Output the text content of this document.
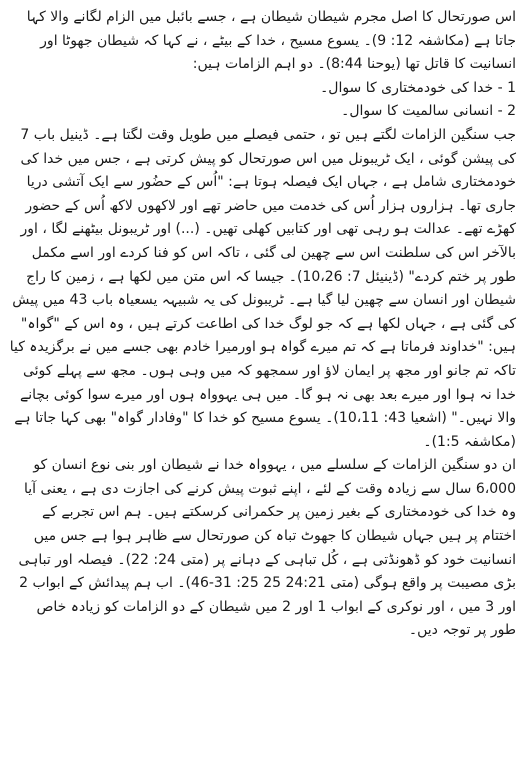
اس صورتحال کا اصل مجرم شیطان شیطان ہے ، جسے بائبل میں الزام لگانے والا کہا جاتا ہے (مکاشفہ 12: 9)۔ یسوع مسیح ، خدا کے بیٹے ، نے کہا کہ شیطان جھوٹا اور انسانیت کا قاتل تھا (یوحنا 8:44)۔ دو اہم الزامات ہیں:

1 - خدا کی خودمختاری کا سوال۔

2 - انسانی سالمیت کا سوال۔

جب سنگین الزامات لگتے ہیں تو ، حتمی فیصلے میں طویل وقت لگتا ہے۔ ڈینیل باب 7 کی پیشن گوئی ، ایک ٹریبونل میں اس صورتحال کو پیش کرتی ہے ، جس میں خدا کی خودمختاری شامل ہے ، جہاں ایک فیصلہ ہوتا ہے: "اُس کے حضُور سے ایک آتشی دریا جاری تھا۔ ہزاروں ہزار اُس کی خدمت میں حاضر تھے اور لاکھوں لاکھ اُس کے حضور کھڑے تھے۔ عدالت ہو رہی تھی اور کتابیں کھلی تھیں۔ (...) اور ٹریبونل بیٹھنے لگا ، اور بالآخر اس کی سلطنت اس سے چھین لی گئی ، تاکہ اس کو فنا کردے اور اسے مکمل طور پر ختم کردے" (ڈینیئل 7: 10،26)۔ جیسا کہ اس متن میں لکھا ہے ، زمین کا راج شیطان اور انسان سے چھین لیا گیا ہے۔ ٹریبونل کی یہ شبیہہ یسعیاہ باب 43 میں پیش کی گئی ہے ، جہاں لکھا ہے کہ جو لوگ خدا کی اطاعت کرتے ہیں ، وہ اس کے "گواہ" ہیں: "خداوند فرماتا ہے کہ تم میرے گواہ ہو اورمیرا خادم بھی جسے میں نے برگزیدہ کیا تاکہ تم جانو اور مجھ پر ایمان لاؤ اور سمجھو کہ میں وہی ہوں۔ مجھ سے پہلے کوئی خدا نہ ہوا اور میرے بعد بھی نہ ہو گا۔ میں ہی یہوواہ ہوں اور میرے سوا کوئی بچانے والا نہیں۔" (اشعیا 43: 10،11)۔ یسوع مسیح کو خدا کا "وفادار گواہ" بھی کہا جاتا ہے (مکاشفہ 1:5)۔

ان دو سنگین الزامات کے سلسلے میں ، یہوواہ خدا نے شیطان اور بنی نوع انسان کو 6،000 سال سے زیادہ وقت کے لئے ، اپنے ثبوت پیش کرنے کی اجازت دی ہے ، یعنی آیا وہ خدا کی خودمختاری کے بغیر زمین پر حکمرانی کرسکتے ہیں۔ ہم اس تجربے کے اختتام پر ہیں جہاں شیطان کا جھوٹ تباہ کن صورتحال سے ظاہر ہوا ہے جس میں انسانیت خود کو ڈھونڈتی ہے ، کُل تباہی کے دہانے پر (متی 24: 22)۔ فیصلہ اور تباہی بڑی مصیبت پر واقع ہوگی (متی 24:21 25 25: 31-46)۔ اب ہم پیدائش کے ابواب 2 اور 3 میں ، اور نوکری کے ابواب 1 اور 2 میں شیطان کے دو الزامات کو زیادہ خاص طور پر توجہ دیں۔
